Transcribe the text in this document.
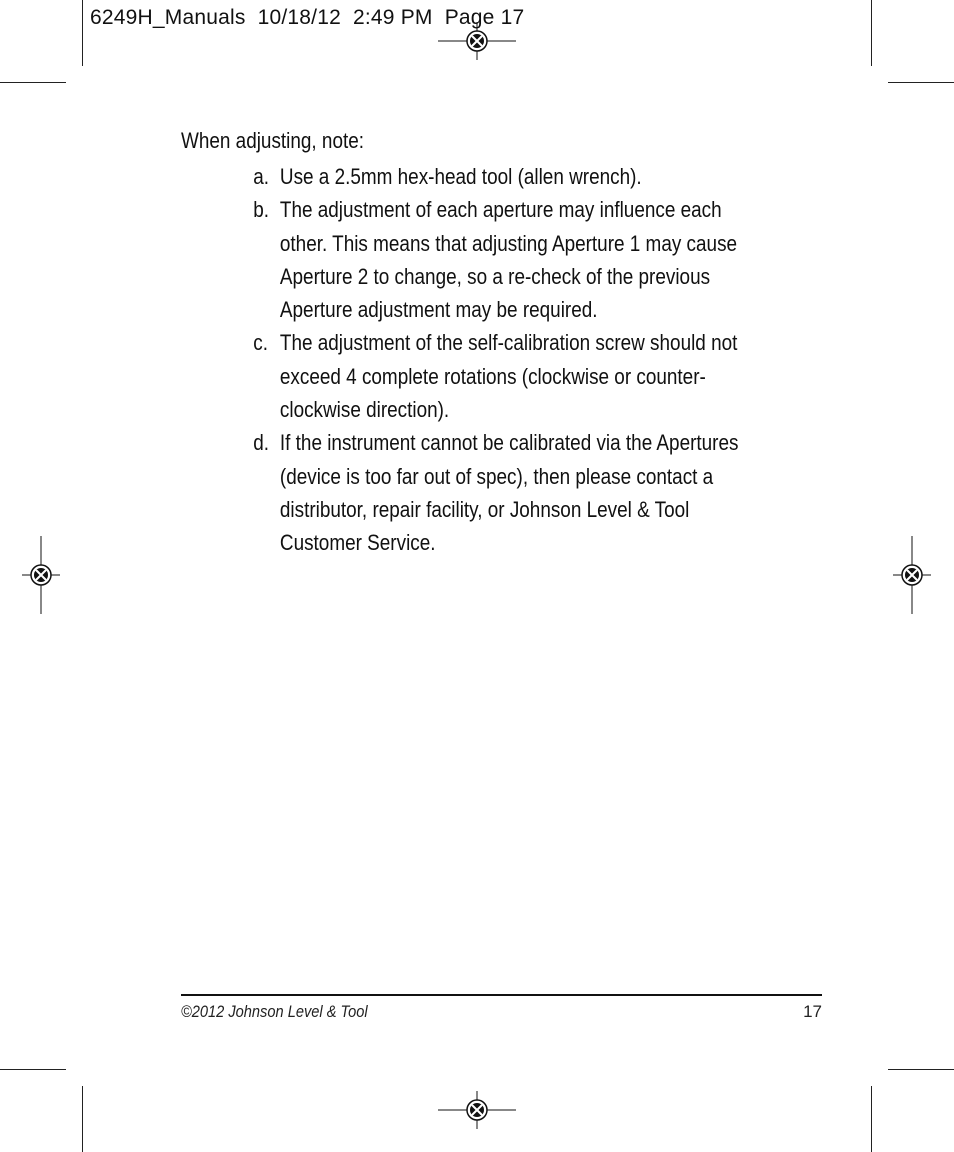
6249H_Manuals  10/18/12  2:49 PM  Page 17

When adjusting, note:

a. Use a 2.5mm hex-head tool (allen wrench).
b. The adjustment of each aperture may influence each other. This means that adjusting Aperture 1 may cause Aperture 2 to change, so a re-check of the previous Aperture adjustment may be required.
c. The adjustment of the self-calibration screw should not exceed 4 complete rotations (clockwise or counter-clockwise direction).
d. If the instrument cannot be calibrated via the Apertures (device is too far out of spec), then please contact a distributor, repair facility, or Johnson Level & Tool Customer Service.
©2012 Johnson Level & Tool	17
